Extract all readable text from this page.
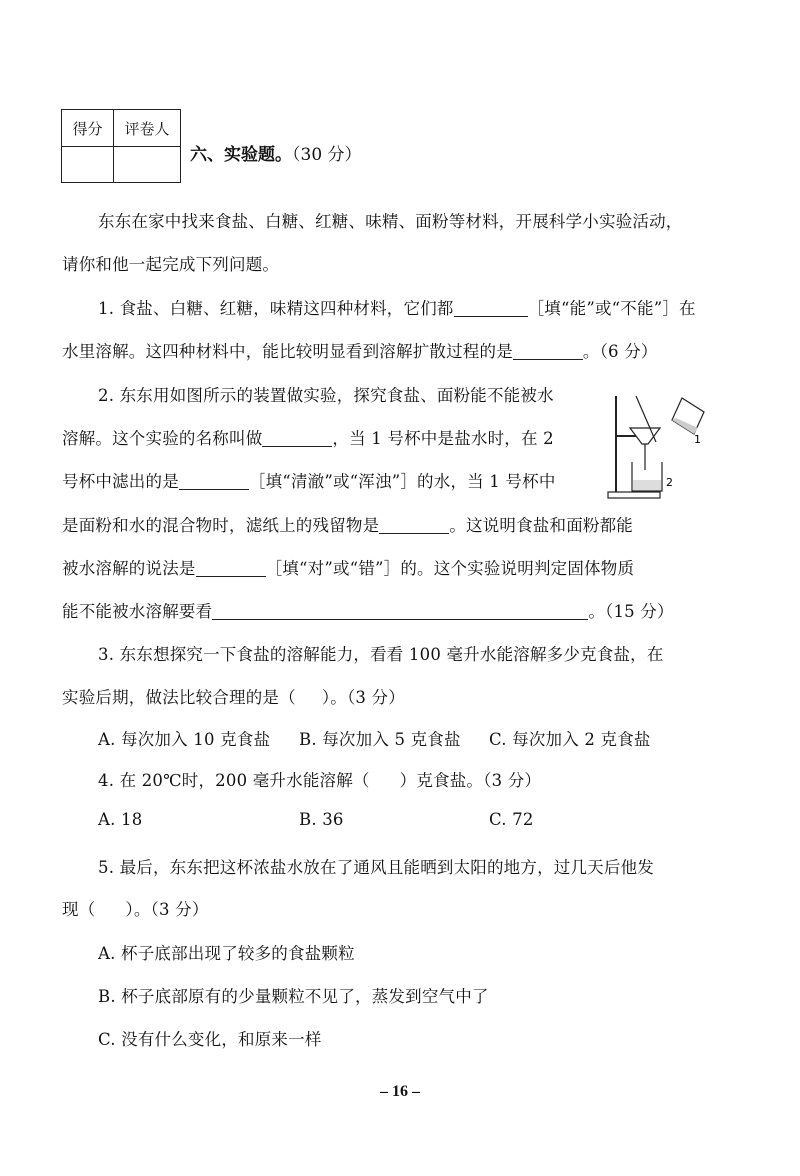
得分	评卷人
六、实验题。（30 分）
东东在家中找来食盐、白糖、红糖、味精、面粉等材料，开展科学小实验活动，
请你和他一起完成下列问题。
1. 食盐、白糖、红糖，味精这四种材料，它们都	［填“能”或“不能”］在
水里溶解。这四种材料中，能比较明显看到溶解扩散过程的是	。（6 分）
2. 东东用如图所示的装置做实验，探究食盐、面粉能不能被水
溶解。这个实验的名称叫做	，当 1 号杯中是盐水时，在 2
号杯中滤出的是	［填“清澈”或“浑浊”］的水，当 1 号杯中
是面粉和水的混合物时，滤纸上的残留物是	。这说明食盐和面粉都能
被水溶解的说法是	［填“对”或“错”］的。这个实验说明判定固体物质
能不能被水溶解要看	。（15 分）
1
2
3. 东东想探究一下食盐的溶解能力，看看 100 毫升水能溶解多少克食盐，在
实验后期，做法比较合理的是（ ）。（3 分）
A. 每次加入 10 克食盐 B. 每次加入 5 克食盐 C. 每次加入 2 克食盐
4. 在 20℃时，200 毫升水能溶解（ ）克食盐。（3 分）
A. 18	B. 36	C. 72
5. 最后，东东把这杯浓盐水放在了通风且能晒到太阳的地方，过几天后他发
现（ ）。（3 分）
A. 杯子底部出现了较多的食盐颗粒
B. 杯子底部原有的少量颗粒不见了，蒸发到空气中了
C. 没有什么变化，和原来一样
– 16 –
